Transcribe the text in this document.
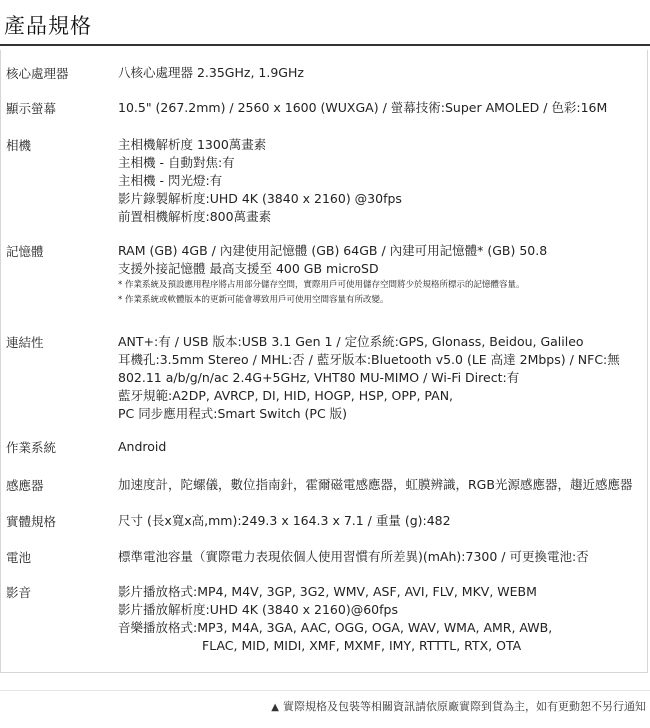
產品規格
核心處理器	八核心處理器 2.35GHz, 1.9GHz
顯示螢幕	10.5" (267.2mm) / 2560 x 1600 (WUXGA) / 螢幕技術:Super AMOLED / 色彩:16M
相機	主相機解析度 1300萬畫素
主相機 - 自動對焦:有
主相機 - 閃光燈:有
影片錄製解析度:UHD 4K (3840 x 2160) @30fps
前置相機解析度:800萬畫素
記憶體	RAM (GB) 4GB / 內建使用記憶體 (GB) 64GB / 內建可用記憶體* (GB) 50.8
支援外接記憶體 最高支援至 400 GB microSD
* 作業系統及預設應用程序將占用部分儲存空間，實際用戶可使用儲存空間將少於規格所標示的記憶體容量。
* 作業系統或軟體版本的更新可能會導致用戶可使用空間容量有所改變。
連結性	ANT+:有 / USB 版本:USB 3.1 Gen 1 / 定位系統:GPS, Glonass, Beidou, Galileo
耳機孔:3.5mm Stereo / MHL:否 / 藍牙版本:Bluetooth v5.0 (LE 高達 2Mbps) / NFC:無
802.11 a/b/g/n/ac 2.4G+5GHz, VHT80 MU-MIMO / Wi-Fi Direct:有
藍牙規範:A2DP, AVRCP, DI, HID, HOGP, HSP, OPP, PAN,
PC 同步應用程式:Smart Switch (PC 版)
作業系統	Android
感應器	加速度計，陀螺儀，數位指南針，霍爾磁電感應器，虹膜辨識，RGB光源感應器，趨近感應器
實體規格	尺寸 (長x寬x高,mm):249.3 x 164.3 x 7.1 / 重量 (g):482
電池	標準電池容量（實際電力表現依個人使用習慣有所差異)(mAh):7300 / 可更換電池:否
影音	影片播放格式:MP4, M4V, 3GP, 3G2, WMV, ASF, AVI, FLV, MKV, WEBM
影片播放解析度:UHD 4K (3840 x 2160)@60fps
音樂播放格式:MP3, M4A, 3GA, AAC, OGG, OGA, WAV, WMA, AMR, AWB,
FLAC, MID, MIDI, XMF, MXMF, IMY, RTTTL, RTX, OTA
▲ 實際規格及包裝等相關資訊請依原廠實際到貨為主，如有更動恕不另行通知
